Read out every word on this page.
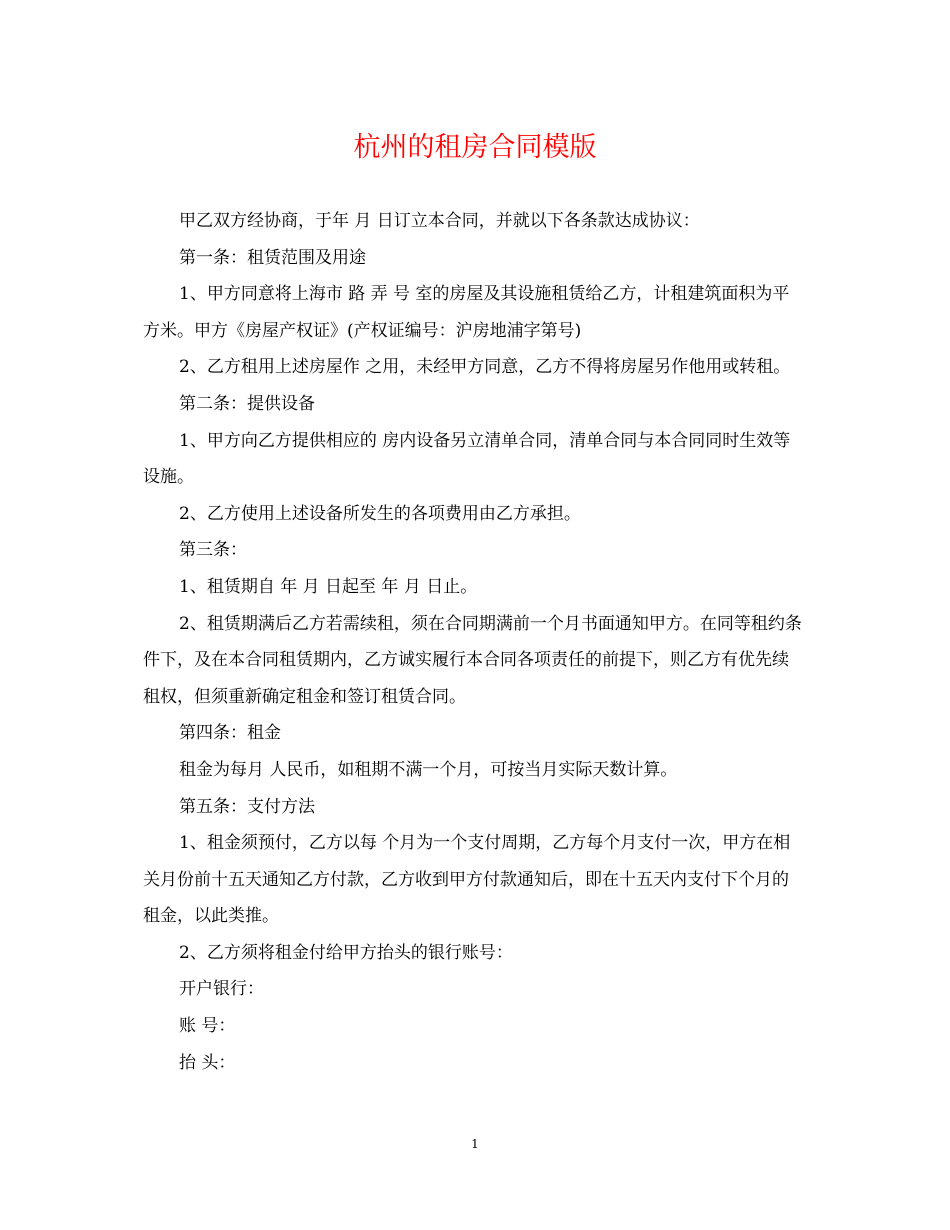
杭州的租房合同模版

甲乙双方经协商，于年 月 日订立本合同，并就以下各条款达成协议：

第一条：租赁范围及用途

1、甲方同意将上海市 路 弄 号 室的房屋及其设施租赁给乙方，计租建筑面积为平方米。甲方《房屋产权证》(产权证编号：沪房地浦字第号)

2、乙方租用上述房屋作 之用，未经甲方同意，乙方不得将房屋另作他用或转租。

第二条：提供设备

1、甲方向乙方提供相应的 房内设备另立清单合同，清单合同与本合同同时生效等设施。

2、乙方使用上述设备所发生的各项费用由乙方承担。

第三条：

1、租赁期自 年 月 日起至 年 月 日止。

2、租赁期满后乙方若需续租，须在合同期满前一个月书面通知甲方。在同等租约条件下，及在本合同租赁期内，乙方诚实履行本合同各项责任的前提下，则乙方有优先续租权，但须重新确定租金和签订租赁合同。

第四条：租金

租金为每月 人民币，如租期不满一个月，可按当月实际天数计算。

第五条：支付方法

1、租金须预付，乙方以每 个月为一个支付周期，乙方每个月支付一次，甲方在相关月份前十五天通知乙方付款，乙方收到甲方付款通知后，即在十五天内支付下个月的租金，以此类推。

2、乙方须将租金付给甲方抬头的银行账号：

开户银行：

账 号：

抬 头：

1
